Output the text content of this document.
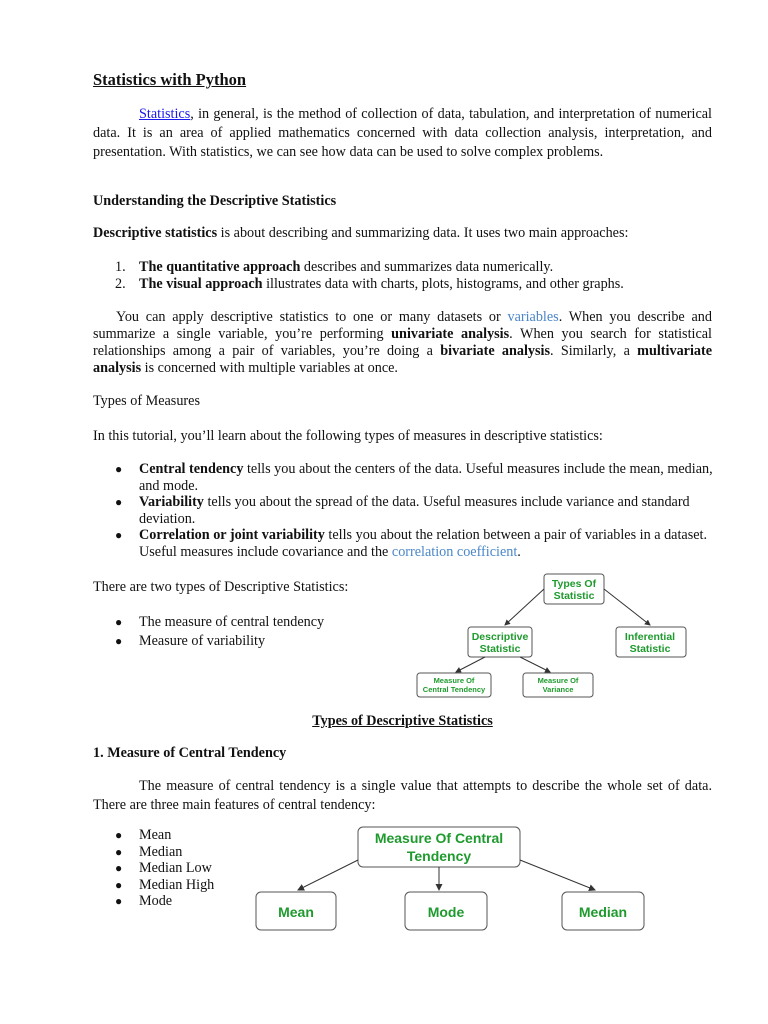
Statistics with Python
Statistics, in general, is the method of collection of data, tabulation, and interpretation of numerical data. It is an area of applied mathematics concerned with data collection analysis, interpretation, and presentation. With statistics, we can see how data can be used to solve complex problems.
Understanding the Descriptive Statistics
Descriptive statistics is about describing and summarizing data. It uses two main approaches:
1. The quantitative approach describes and summarizes data numerically.
2. The visual approach illustrates data with charts, plots, histograms, and other graphs.
You can apply descriptive statistics to one or many datasets or variables. When you describe and summarize a single variable, you’re performing univariate analysis. When you search for statistical relationships among a pair of variables, you’re doing a bivariate analysis. Similarly, a multivariate analysis is concerned with multiple variables at once.
Types of Measures
In this tutorial, you’ll learn about the following types of measures in descriptive statistics:
● Central tendency tells you about the centers of the data. Useful measures include the mean, median, and mode.
● Variability tells you about the spread of the data. Useful measures include variance and standard deviation.
● Correlation or joint variability tells you about the relation between a pair of variables in a dataset. Useful measures include covariance and the correlation coefficient.
There are two types of Descriptive Statistics:
● The measure of central tendency
● Measure of variability
Types Of
Statistic
Descriptive
Statistic
Inferential
Statistic
Measure Of
Central Tendency
Measure Of
Variance
Types of Descriptive Statistics
1. Measure of Central Tendency
The measure of central tendency is a single value that attempts to describe the whole set of data. There are three main features of central tendency:
● Mean
● Median
● Median Low
● Median High
● Mode
Measure Of Central
Tendency
Mean	Mode	Median
